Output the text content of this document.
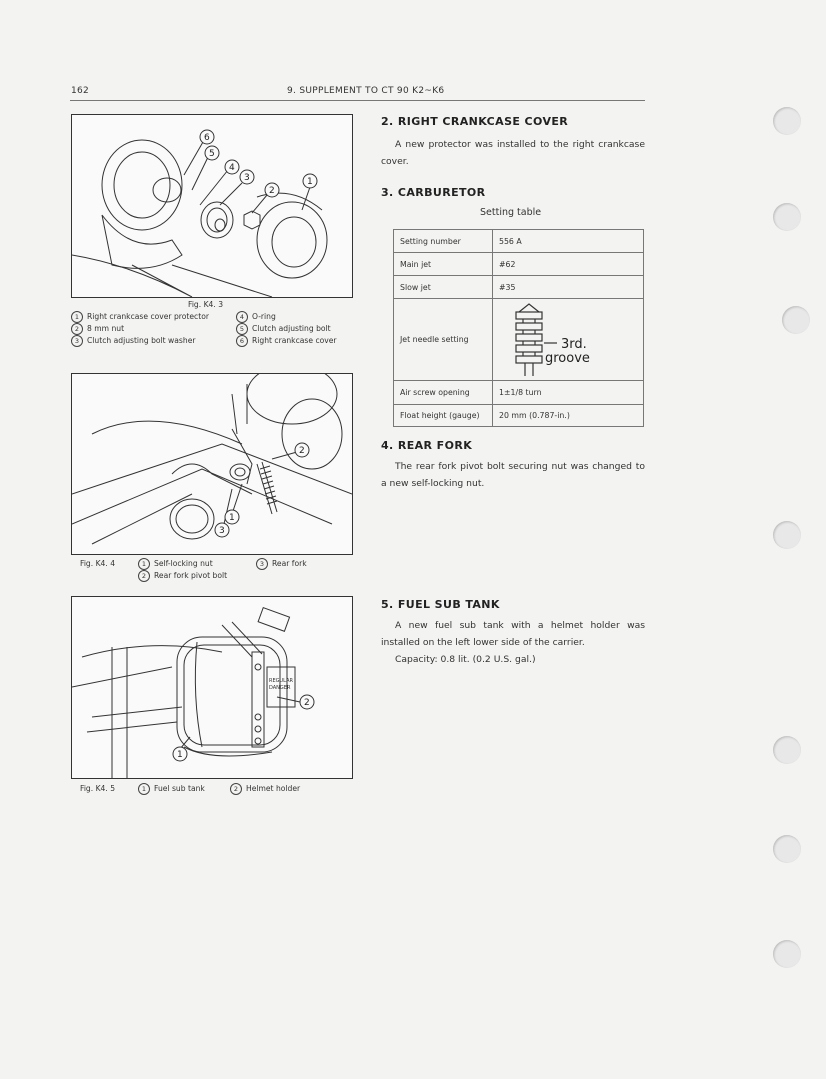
162	9. SUPPLEMENT TO CT 90 K2~K6
6
5
4
3
2
1
Fig. K4. 3
1 Right crankcase cover protector	4 O-ring
2 8 mm nut	5 Clutch adjusting bolt
3 Clutch adjusting bolt washer	6 Right crankcase cover
2
1
3
Fig. K4. 4	1 Self-locking nut	3 Rear fork
2 Rear fork pivot bolt
REGULAR
DANGER
2
1
Fig. K4. 5	1 Fuel sub tank	2 Helmet holder
2. RIGHT CRANKCASE COVER
A new protector was installed to the right crankcase cover.
3. CARBURETOR
Setting table
Setting number	556 A
Main jet	#62
Slow jet	#35
Jet needle setting	3rd.
groove

Air screw opening	1±1/8 turn
Float height (gauge)	20 mm (0.787-in.)
4. REAR FORK
The rear fork pivot bolt securing nut was changed to a new self-locking nut.
5. FUEL SUB TANK
A new fuel sub tank with a helmet holder was installed on the left lower side of the carrier.
Capacity: 0.8 lit. (0.2 U.S. gal.)
